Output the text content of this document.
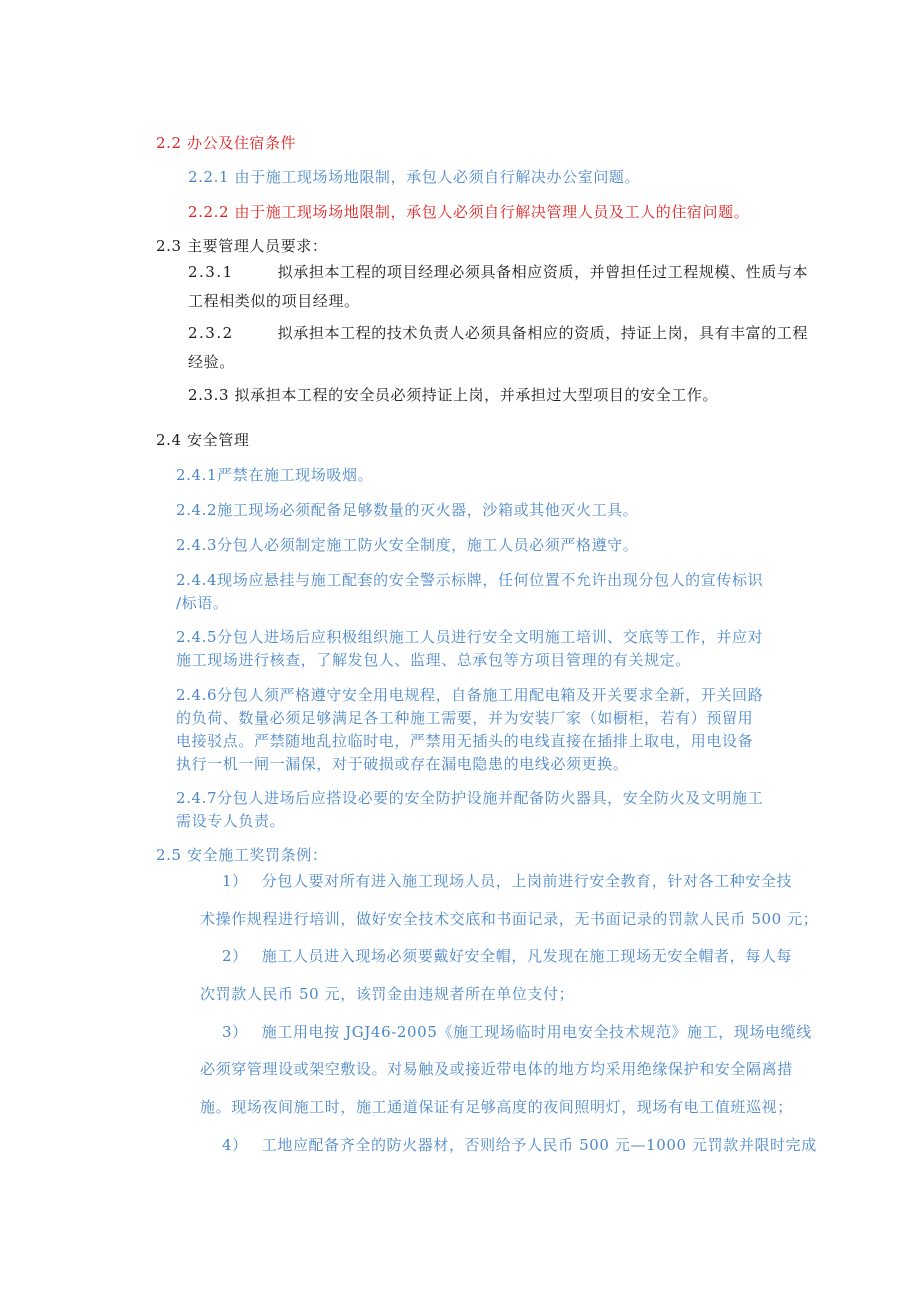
2.2 办公及住宿条件
2.2.1 由于施工现场场地限制，承包人必须自行解决办公室问题。
2.2.2 由于施工现场场地限制，承包人必须自行解决管理人员及工人的住宿问题。
2.3 主要管理人员要求：
2.3.1	拟承担本工程的项目经理必须具备相应资质，并曾担任过工程规模、性质与本
工程相类似的项目经理。
2.3.2	拟承担本工程的技术负责人必须具备相应的资质，持证上岗，具有丰富的工程
经验。
2.3.3 拟承担本工程的安全员必须持证上岗，并承担过大型项目的安全工作。
2.4 安全管理
2.4.1严禁在施工现场吸烟。
2.4.2施工现场必须配备足够数量的灭火器，沙箱或其他灭火工具。
2.4.3分包人必须制定施工防火安全制度，施工人员必须严格遵守。
2.4.4现场应悬挂与施工配套的安全警示标牌，任何位置不允许出现分包人的宣传标识
/标语。
2.4.5分包人进场后应积极组织施工人员进行安全文明施工培训、交底等工作，并应对
施工现场进行核查，了解发包人、监理、总承包等方项目管理的有关规定。
2.4.6分包人须严格遵守安全用电规程，自备施工用配电箱及开关要求全新，开关回路
的负荷、数量必须足够满足各工种施工需要，并为安装厂家（如橱柜，若有）预留用
电接驳点。严禁随地乱拉临时电，严禁用无插头的电线直接在插排上取电，用电设备
执行一机一闸一漏保，对于破损或存在漏电隐患的电线必须更换。
2.4.7分包人进场后应搭设必要的安全防护设施并配备防火器具，安全防火及文明施工
需设专人负责。
2.5 安全施工奖罚条例：
1） 分包人要对所有进入施工现场人员，上岗前进行安全教育，针对各工种安全技
术操作规程进行培训，做好安全技术交底和书面记录，无书面记录的罚款人民币 500 元；
2） 施工人员进入现场必须要戴好安全帽，凡发现在施工现场无安全帽者，每人每
次罚款人民币 50 元，该罚金由违规者所在单位支付；
3） 施工用电按 JGJ46-2005《施工现场临时用电安全技术规范》施工，现场电缆线
必须穿管理设或架空敷设。对易触及或接近带电体的地方均采用绝缘保护和安全隔离措
施。现场夜间施工时，施工通道保证有足够高度的夜间照明灯，现场有电工值班巡视；
4） 工地应配备齐全的防火器材，否则给予人民币 500 元—1000 元罚款并限时完成
